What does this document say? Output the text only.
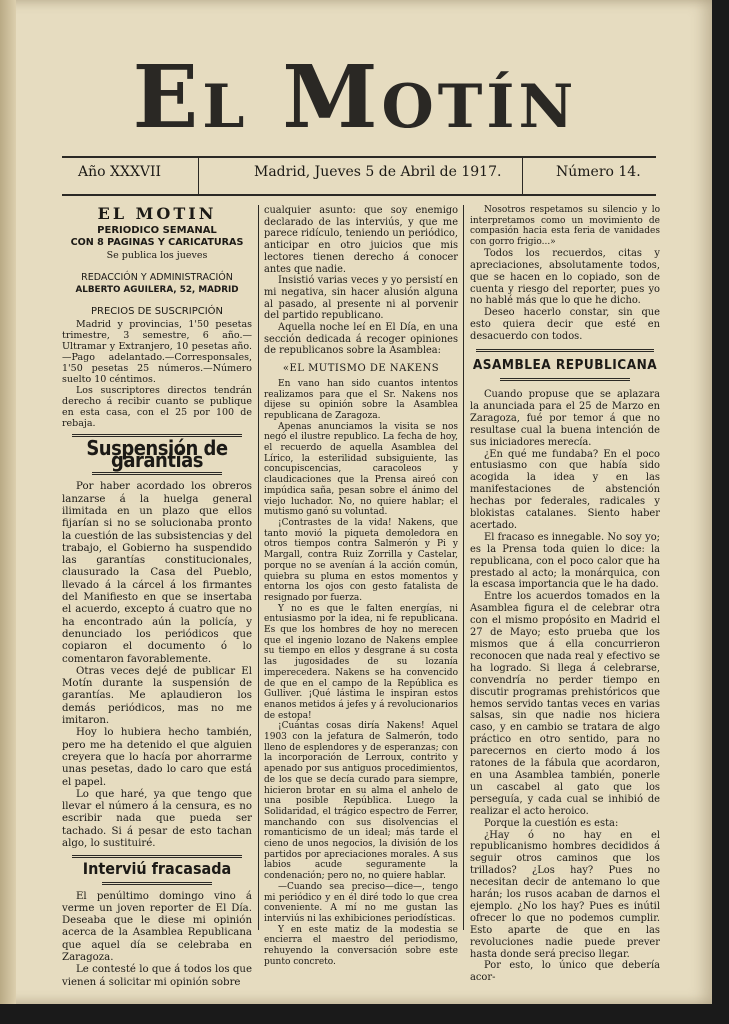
El Motín
Año XXXVII	Madrid, Jueves 5 de Abril de 1917.	Número 14.
EL MOTIN
PERIODICO SEMANAL
CON 8 PAGINAS Y CARICATURAS
Se publica los jueves
REDACCIÓN Y ADMINISTRACIÓN
ALBERTO AGUILERA, 52, MADRID
PRECIOS DE SUSCRIPCIÓN

Madrid y provincias, 1'50 pesetas trimestre, 3 semestre, 6 año.—Ultramar y Extranjero, 10 pesetas año.—Pago adelantado.—Corresponsales, 1'50 pesetas 25 números.—Número suelto 10 céntimos.

Los suscriptores directos tendrán derecho á recibir cuanto se publique en esta casa, con el 25 por 100 de rebaja.

Suspensión de garantías

Por haber acordado los obreros lanzarse á la huelga general ilimitada en un plazo que ellos fijarían si no se solucionaba pronto la cuestión de las subsistencias y del trabajo, el Gobierno ha suspendido las garantías constitucionales, clausurado la Casa del Pueblo, llevado á la cárcel á los firmantes del Manifiesto en que se insertaba el acuerdo, excepto á cuatro que no ha encontrado aún la policía, y denunciado los periódicos que copiaron el documento ó lo comentaron favorablemente.

Otras veces dejé de publicar El Motín durante la suspensión de garantías. Me aplaudieron los demás periódicos, mas no me imitaron.

Hoy lo hubiera hecho también, pero me ha detenido el que alguien creyera que lo hacía por ahorrarme unas pesetas, dado lo caro que está el papel.

Lo que haré, ya que tengo que llevar el número á la censura, es no escribir nada que pueda ser tachado. Si á pesar de esto tachan algo, lo sustituiré.

Interviú fracasada

El penúltimo domingo vino á verme un joven reporter de El Día. Deseaba que le diese mi opinión acerca de la Asamblea Republicana que aquel día se celebraba en Zaragoza.

Le contesté lo que á todos los que vienen á solicitar mi opinión sobre

cualquier asunto: que soy enemigo declarado de las interviús, y que me parece ridículo, teniendo un periódico, anticipar en otro juicios que mis lectores tienen derecho á conocer antes que nadie.

Insistió varias veces y yo persistí en mi negativa, sin hacer alusión alguna al pasado, al presente ni al porvenir del partido republicano.

Aquella noche leí en El Día, en una sección dedicada á recoger opiniones de republicanos sobre la Asamblea:

«EL MUTISMO DE NAKENS

En vano han sido cuantos intentos realizamos para que el Sr. Nakens nos dijese su opinión sobre la Asamblea republicana de Zaragoza.

Apenas anunciamos la visita se nos negó el ilustre republico. La fecha de hoy, el recuerdo de aquella Asamblea del Lírico, la esterilidad subsiguiente, las concupiscencias, caracoleos y claudicaciones que la Prensa aireó con impúdica saña, pesan sobre el ánimo del viejo luchador. No, no quiere hablar; el mutismo ganó su voluntad.

¡Contrastes de la vida! Nakens, que tanto movió la piqueta demoledora en otros tiempos contra Salmerón y Pi y Margall, contra Ruiz Zorrilla y Castelar, porque no se avenían á la acción común, quiebra su pluma en estos momentos y entorna los ojos con gesto fatalista de resignado por fuerza.

Y no es que le falten energías, ni entusiasmo por la idea, ni fe republicana. Es que los hombres de hoy no merecen que el ingenio lozano de Nakens emplee su tiempo en ellos y desgrane á su costa las jugosidades de su lozanía imperecedera. Nakens se ha convencido de que en el campo de la República es Gulliver. ¡Qué lástima le inspiran estos enanos metidos á jefes y á revolucionarios de estopa!

¡Cuántas cosas diría Nakens! Aquel 1903 con la jefatura de Salmerón, todo lleno de esplendores y de esperanzas; con la incorporación de Lerroux, contrito y apenado por sus antiguos procedimientos, de los que se decía curado para siempre, hicieron brotar en su alma el anhelo de una posible República. Luego la Solidaridad, el trágico espectro de Ferrer, manchando con sus disolvencias el romanticismo de un ideal; más tarde el cieno de unos negocios, la división de los partidos por apreciaciones morales. A sus labios acude seguramente la condenación; pero no, no quiere hablar.

—Cuando sea preciso—dice—, tengo mi periódico y en él diré todo lo que crea conveniente. A mí no me gustan las interviús ni las exhibiciones periodísticas.

Y en este matiz de la modestia se encierra el maestro del periodismo, rehuyendo la conversación sobre este punto concreto.

Nosotros respetamos su silencio y lo interpretamos como un movimiento de compasión hacia esta feria de vanidades con gorro frigio...»

Todos los recuerdos, citas y apreciaciones, absolutamente todos, que se hacen en lo copiado, son de cuenta y riesgo del reporter, pues yo no hablé más que lo que he dicho.

Deseo hacerlo constar, sin que esto quiera decir que esté en desacuerdo con todos.

ASAMBLEA REPUBLICANA

Cuando propuse que se aplazara la anunciada para el 25 de Marzo en Zaragoza, fué por temor á que no resultase cual la buena intención de sus iniciadores merecía.

¿En qué me fundaba? En el poco entusiasmo con que había sido acogida la idea y en las manifestaciones de abstención hechas por federales, radicales y blokistas catalanes. Siento haber acertado.

El fracaso es innegable. No soy yo; es la Prensa toda quien lo dice: la republicana, con el poco calor que ha prestado al acto; la monárquica, con la escasa importancia que le ha dado.

Entre los acuerdos tomados en la Asamblea figura el de celebrar otra con el mismo propósito en Madrid el 27 de Mayo; esto prueba que los mismos que á ella concurrieron reconocen que nada real y efectivo se ha logrado. Si llega á celebrarse, convendría no perder tiempo en discutir programas prehistóricos que hemos servido tantas veces en varias salsas, sin que nadie nos hiciera caso, y en cambio se tratara de algo práctico en otro sentido, para no parecernos en cierto modo á los ratones de la fábula que acordaron, en una Asamblea también, ponerle un cascabel al gato que los perseguía, y cada cual se inhibió de realizar el acto heroico.

Porque la cuestión es esta:

¿Hay ó no hay en el republicanismo hombres decididos á seguir otros caminos que los trillados? ¿Los hay? Pues no necesitan decir de antemano lo que harán; los rusos acaban de darnos el ejemplo. ¿No los hay? Pues es inútil ofrecer lo que no podemos cumplir. Esto aparte de que en las revoluciones nadie puede prever hasta donde será preciso llegar.

Por esto, lo único que debería acor-
